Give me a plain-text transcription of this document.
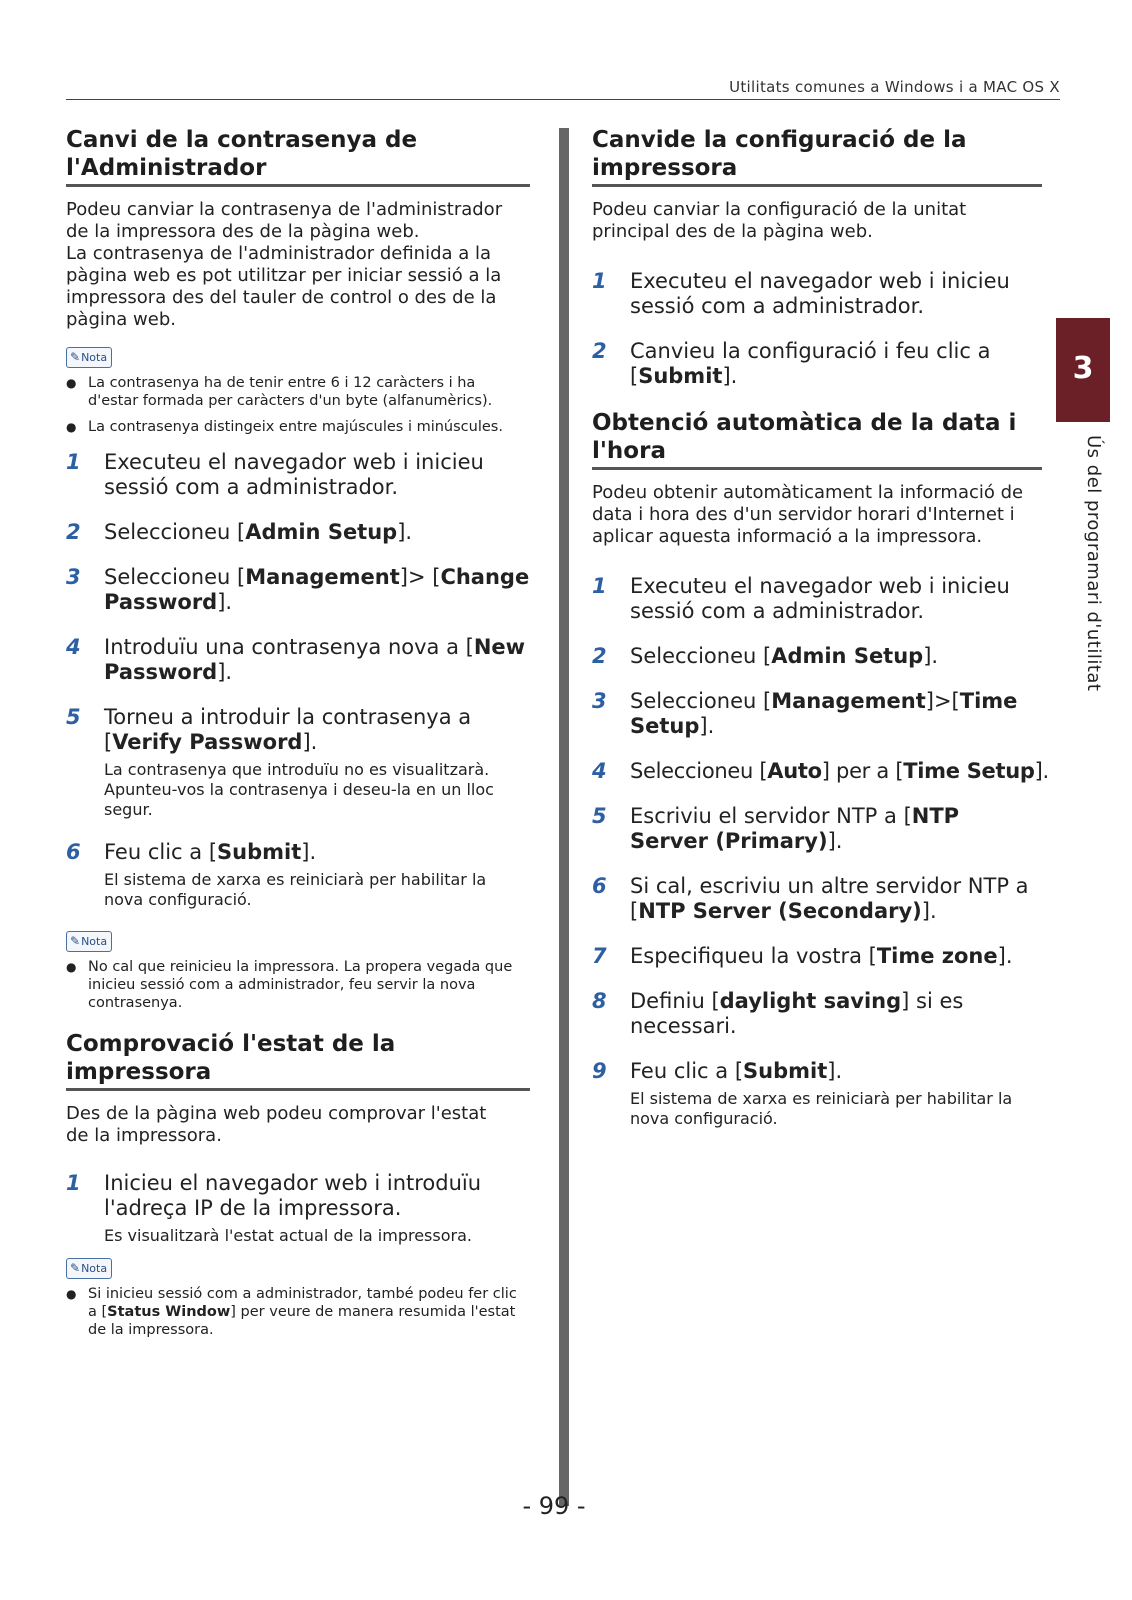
Utilitats comunes a Windows i a MAC OS X
Canvi de la contrasenya de
l'Administrador

Podeu canviar la contrasenya de l'administrador
de la impressora des de la pàgina web.
La contrasenya de l'administrador definida a la
pàgina web es pot utilitzar per iniciar sessió a la
impressora des del tauler de control o des de la
pàgina web.

✎Nota
● La contrasenya ha de tenir entre 6 i 12 caràcters i ha d'estar formada per caràcters d'un byte (alfanumèrics).
● La contrasenya distingeix entre majúscules i minúscules.
1 Executeu el navegador web i inicieu sessió com a administrador.
2 Seleccioneu [Admin Setup].
3 Seleccioneu [Management]> [Change Password].
4 Introduïu una contrasenya nova a [New Password].
5 Torneu a introduir la contrasenya a [Verify Password].
La contrasenya que introduïu no es visualitzarà. Apunteu-vos la contrasenya i deseu-la en un lloc segur.
6 Feu clic a [Submit].
El sistema de xarxa es reiniciarà per habilitar la nova configuració.
✎Nota
● No cal que reinicieu la impressora. La propera vegada que inicieu sessió com a administrador, feu servir la nova contrasenya.
Comprovació l'estat de la
impressora

Des de la pàgina web podeu comprovar l'estat
de la impressora.

1 Inicieu el navegador web i introduïu l'adreça IP de la impressora.
Es visualitzarà l'estat actual de la impressora.
✎Nota
● Si inicieu sessió com a administrador, també podeu fer clic a [Status Window] per veure de manera resumida l'estat de la impressora.
Canvide la configuració de la
impressora

Podeu canviar la configuració de la unitat
principal des de la pàgina web.

1 Executeu el navegador web i inicieu sessió com a administrador.
2 Canvieu la configuració i feu clic a [Submit].
Obtenció automàtica de la data i
l'hora

Podeu obtenir automàticament la informació de
data i hora des d'un servidor horari d'Internet i
aplicar aquesta informació a la impressora.

1 Executeu el navegador web i inicieu sessió com a administrador.
2 Seleccioneu [Admin Setup].
3 Seleccioneu [Management]>[Time Setup].
4 Seleccioneu [Auto] per a [Time Setup].
5 Escriviu el servidor NTP a [NTP Server (Primary)].
6 Si cal, escriviu un altre servidor NTP a [NTP Server (Secondary)].
7 Especifiqueu la vostra [Time zone].
8 Definiu [daylight saving] si es necessari.
9 Feu clic a [Submit].
El sistema de xarxa es reiniciarà per habilitar la nova configuració.
3
Ús del programari d'utilitat
- 99 -
